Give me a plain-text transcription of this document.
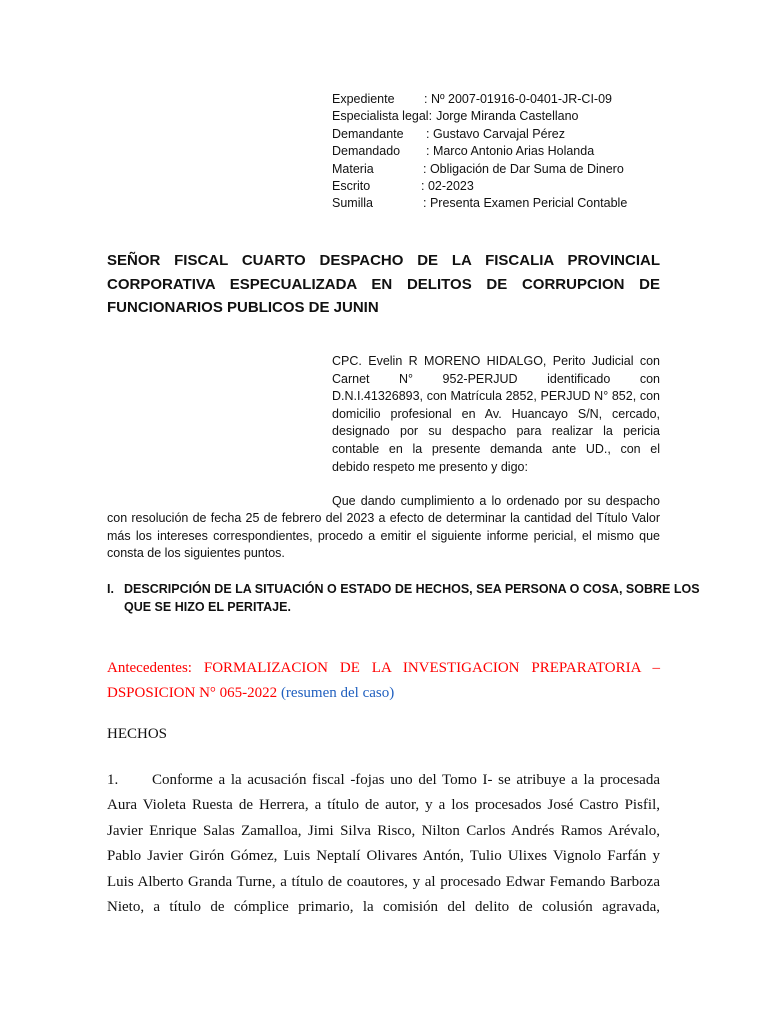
Expediente	: Nº 2007-01916-0-0401-JR-CI-09
Especialista legal: Jorge Miranda Castellano
Demandante	: Gustavo Carvajal Pérez
Demandado	: Marco Antonio Arias Holanda
Materia	: Obligación de Dar Suma de Dinero
Escrito	: 02-2023
Sumilla	: Presenta Examen Pericial Contable
SEÑOR FISCAL CUARTO DESPACHO DE LA FISCALIA PROVINCIAL
CORPORATIVA ESPECUALIZADA EN DELITOS DE CORRUPCION DE
FUNCIONARIOS PUBLICOS DE JUNIN
CPC. Evelin R MORENO HIDALGO, Perito Judicial con
Carnet N° 952-PERJUD identificado con
D.N.I.41326893, con Matrícula 2852, PERJUD N° 852, con
domicilio profesional en Av. Huancayo S/N, cercado,
designado por su despacho para realizar la pericia
contable en la presente demanda ante UD., con el
debido respeto me presento y digo:
Que dando cumplimiento a lo ordenado por su despacho
con resolución de fecha 25 de febrero del 2023 a efecto de determinar la cantidad del Título Valor
más los intereses correspondientes, procedo a emitir el siguiente informe pericial, el mismo que
consta de los siguientes puntos.
I. DESCRIPCIÓN DE LA SITUACIÓN O ESTADO DE HECHOS, SEA PERSONA O COSA, SOBRE LOS
QUE SE HIZO EL PERITAJE.
Antecedentes: FORMALIZACION DE LA INVESTIGACION PREPARATORIA –
DSPOSICION N° 065-2022 (resumen del caso)
HECHOS
1. Conforme a la acusación fiscal -fojas uno del Tomo I- se atribuye a la procesada
Aura Violeta Ruesta de Herrera, a título de autor, y a los procesados José Castro Pisfil,
Javier Enrique Salas Zamalloa, Jimi Silva Risco, Nilton Carlos Andrés Ramos Arévalo,
Pablo Javier Girón Gómez, Luis Neptalí Olivares Antón, Tulio Ulixes Vignolo Farfán y
Luis Alberto Granda Turne, a título de coautores, y al procesado Edwar Femando Barboza
Nieto, a título de cómplice primario, la comisión del delito de colusión agravada,
